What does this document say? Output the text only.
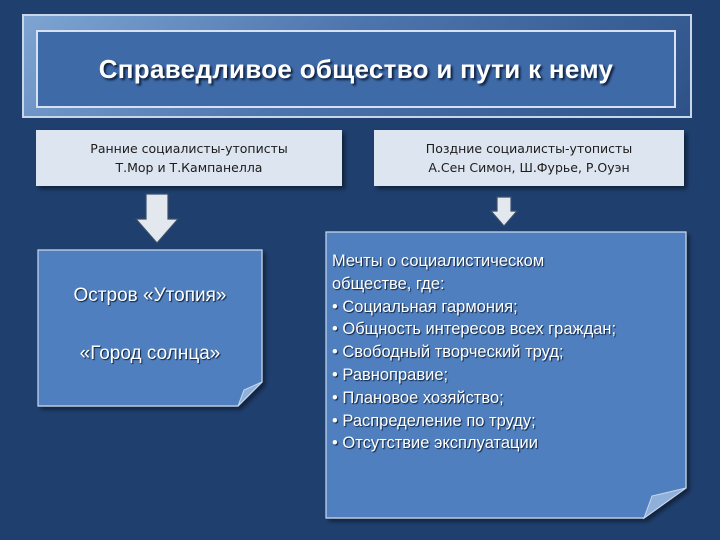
Справедливое общество и пути к нему
Ранние социалисты-утописты
Т.Мор и Т.Кампанелла
Поздние социалисты-утописты
А.Сен Симон, Ш.Фурье, Р.Оуэн
Остров «Утопия»
«Город солнца»
Мечты о социалистическом
обществе, где:
• Социальная гармония;
• Общность интересов всех граждан;
• Свободный творческий труд;
• Равноправие;
• Плановое хозяйство;
• Распределение по труду;
• Отсутствие эксплуатации
